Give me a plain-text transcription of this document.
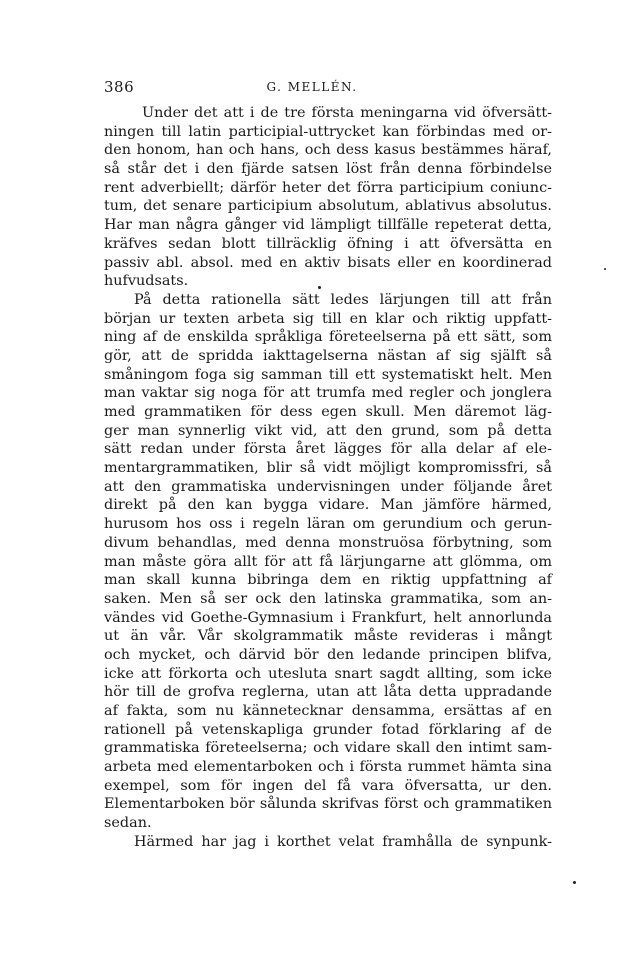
386	G. MELLÉN.
Under det att i de tre första meningarna vid öfversätt-
ningen till latin participial-uttrycket kan förbindas med or-
den honom, han och hans, och dess kasus bestämmes häraf,
så står det i den fjärde satsen löst från denna förbindelse
rent adverbiellt; därför heter det förra participium coniunc-
tum, det senare participium absolutum, ablativus absolutus.
Har man några gånger vid lämpligt tillfälle repeterat detta,
kräfves sedan blott tillräcklig öfning i att öfversätta en
passiv abl. absol. med en aktiv bisats eller en koordinerad
hufvudsats.
På detta rationella sätt ledes lärjungen till att från
början ur texten arbeta sig till en klar och riktig uppfatt-
ning af de enskilda språkliga företeelserna på ett sätt, som
gör, att de spridda iakttagelserna nästan af sig själft så
småningom foga sig samman till ett systematiskt helt. Men
man vaktar sig noga för att trumfa med regler och jonglera
med grammatiken för dess egen skull. Men däremot läg-
ger man synnerlig vikt vid, att den grund, som på detta
sätt redan under första året lägges för alla delar af ele-
mentargrammatiken, blir så vidt möjligt kompromissfri, så
att den grammatiska undervisningen under följande året
direkt på den kan bygga vidare. Man jämföre härmed,
hurusom hos oss i regeln läran om gerundium och gerun-
divum behandlas, med denna monstruösa förbytning, som
man måste göra allt för att få lärjungarne att glömma, om
man skall kunna bibringa dem en riktig uppfattning af
saken. Men så ser ock den latinska grammatika, som an-
vändes vid Goethe-Gymnasium i Frankfurt, helt annorlunda
ut än vår. Vår skolgrammatik måste revideras i mångt
och mycket, och därvid bör den ledande principen blifva,
icke att förkorta och utesluta snart sagdt allting, som icke
hör till de grofva reglerna, utan att låta detta uppradande
af fakta, som nu kännetecknar densamma, ersättas af en
rationell på vetenskapliga grunder fotad förklaring af de
grammatiska företeelserna; och vidare skall den intimt sam-
arbeta med elementarboken och i första rummet hämta sina
exempel, som för ingen del få vara öfversatta, ur den.
Elementarboken bör sålunda skrifvas först och grammatiken
sedan.
Härmed har jag i korthet velat framhålla de synpunk-
